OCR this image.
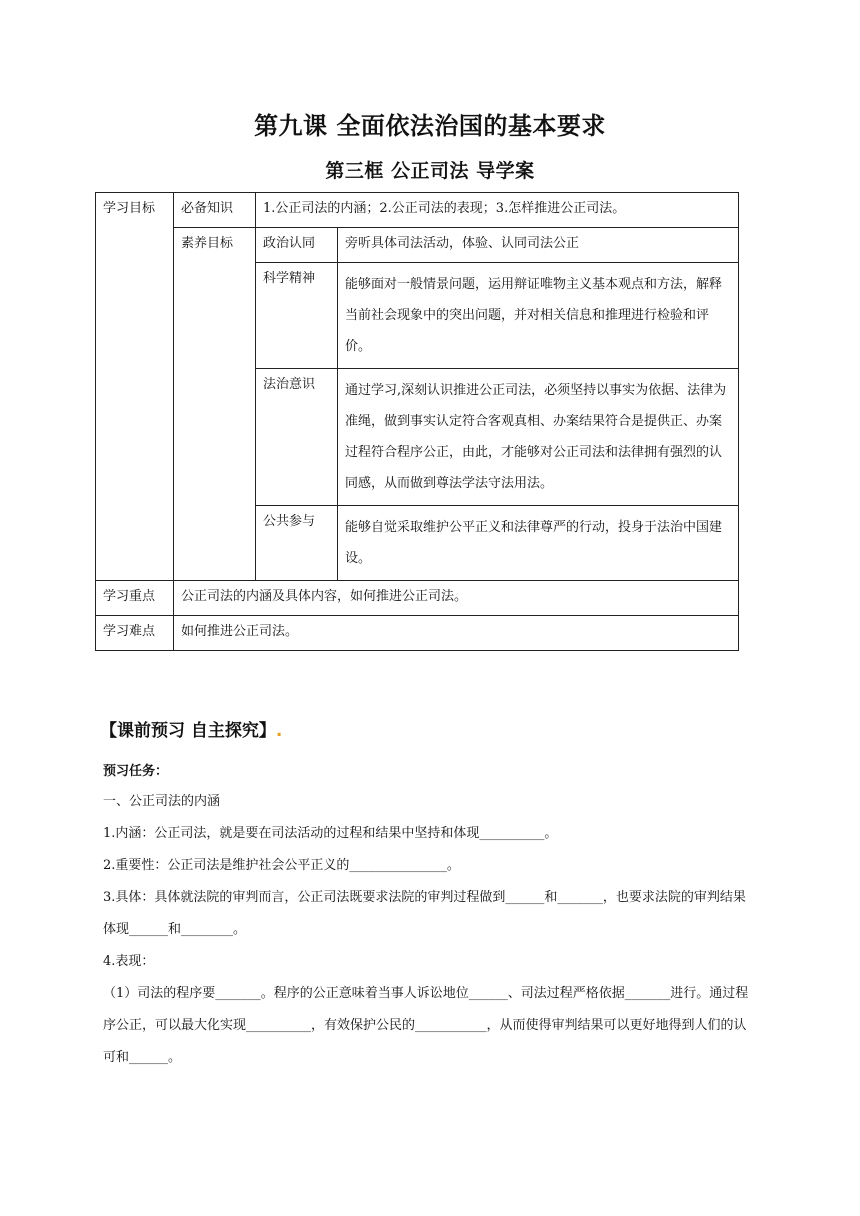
第九课 全面依法治国的基本要求
第三框 公正司法 导学案
学习目标	必备知识	1.公正司法的内涵；2.公正司法的表现；3.怎样推进公正司法。	
	素养目标	政治认同	旁听具体司法活动，体验、认同司法公正
		科学精神	能够面对一般情景问题，运用辩证唯物主义基本观点和方法，解释当前社会现象中的突出问题，并对相关信息和推理进行检验和评价。
		法治意识	通过学习,深刻认识推进公正司法，必须坚持以事实为依据、法律为准绳，做到事实认定符合客观真相、办案结果符合是提供正、办案过程符合程序公正，由此，才能够对公正司法和法律拥有强烈的认同感，从而做到尊法学法守法用法。
		公共参与	能够自觉采取维护公平正义和法律尊严的行动，投身于法治中国建设。
学习重点	公正司法的内涵及具体内容，如何推进公正司法。		
学习难点	如何推进公正司法。		
【课前预习 自主探究】.
预习任务：
一、公正司法的内涵
1.内涵：公正司法，就是要在司法活动的过程和结果中坚持和体现__________。
2.重要性：公正司法是维护社会公平正义的_______________。
3.具体：具体就法院的审判而言，公正司法既要求法院的审判过程做到______和_______，也要求法院的审判结果体现______和________。
4.表现：
（1）司法的程序要_______。程序的公正意味着当事人诉讼地位______、司法过程严格依据_______进行。通过程序公正，可以最大化实现__________，有效保护公民的___________，从而使得审判结果可以更好地得到人们的认可和______。
